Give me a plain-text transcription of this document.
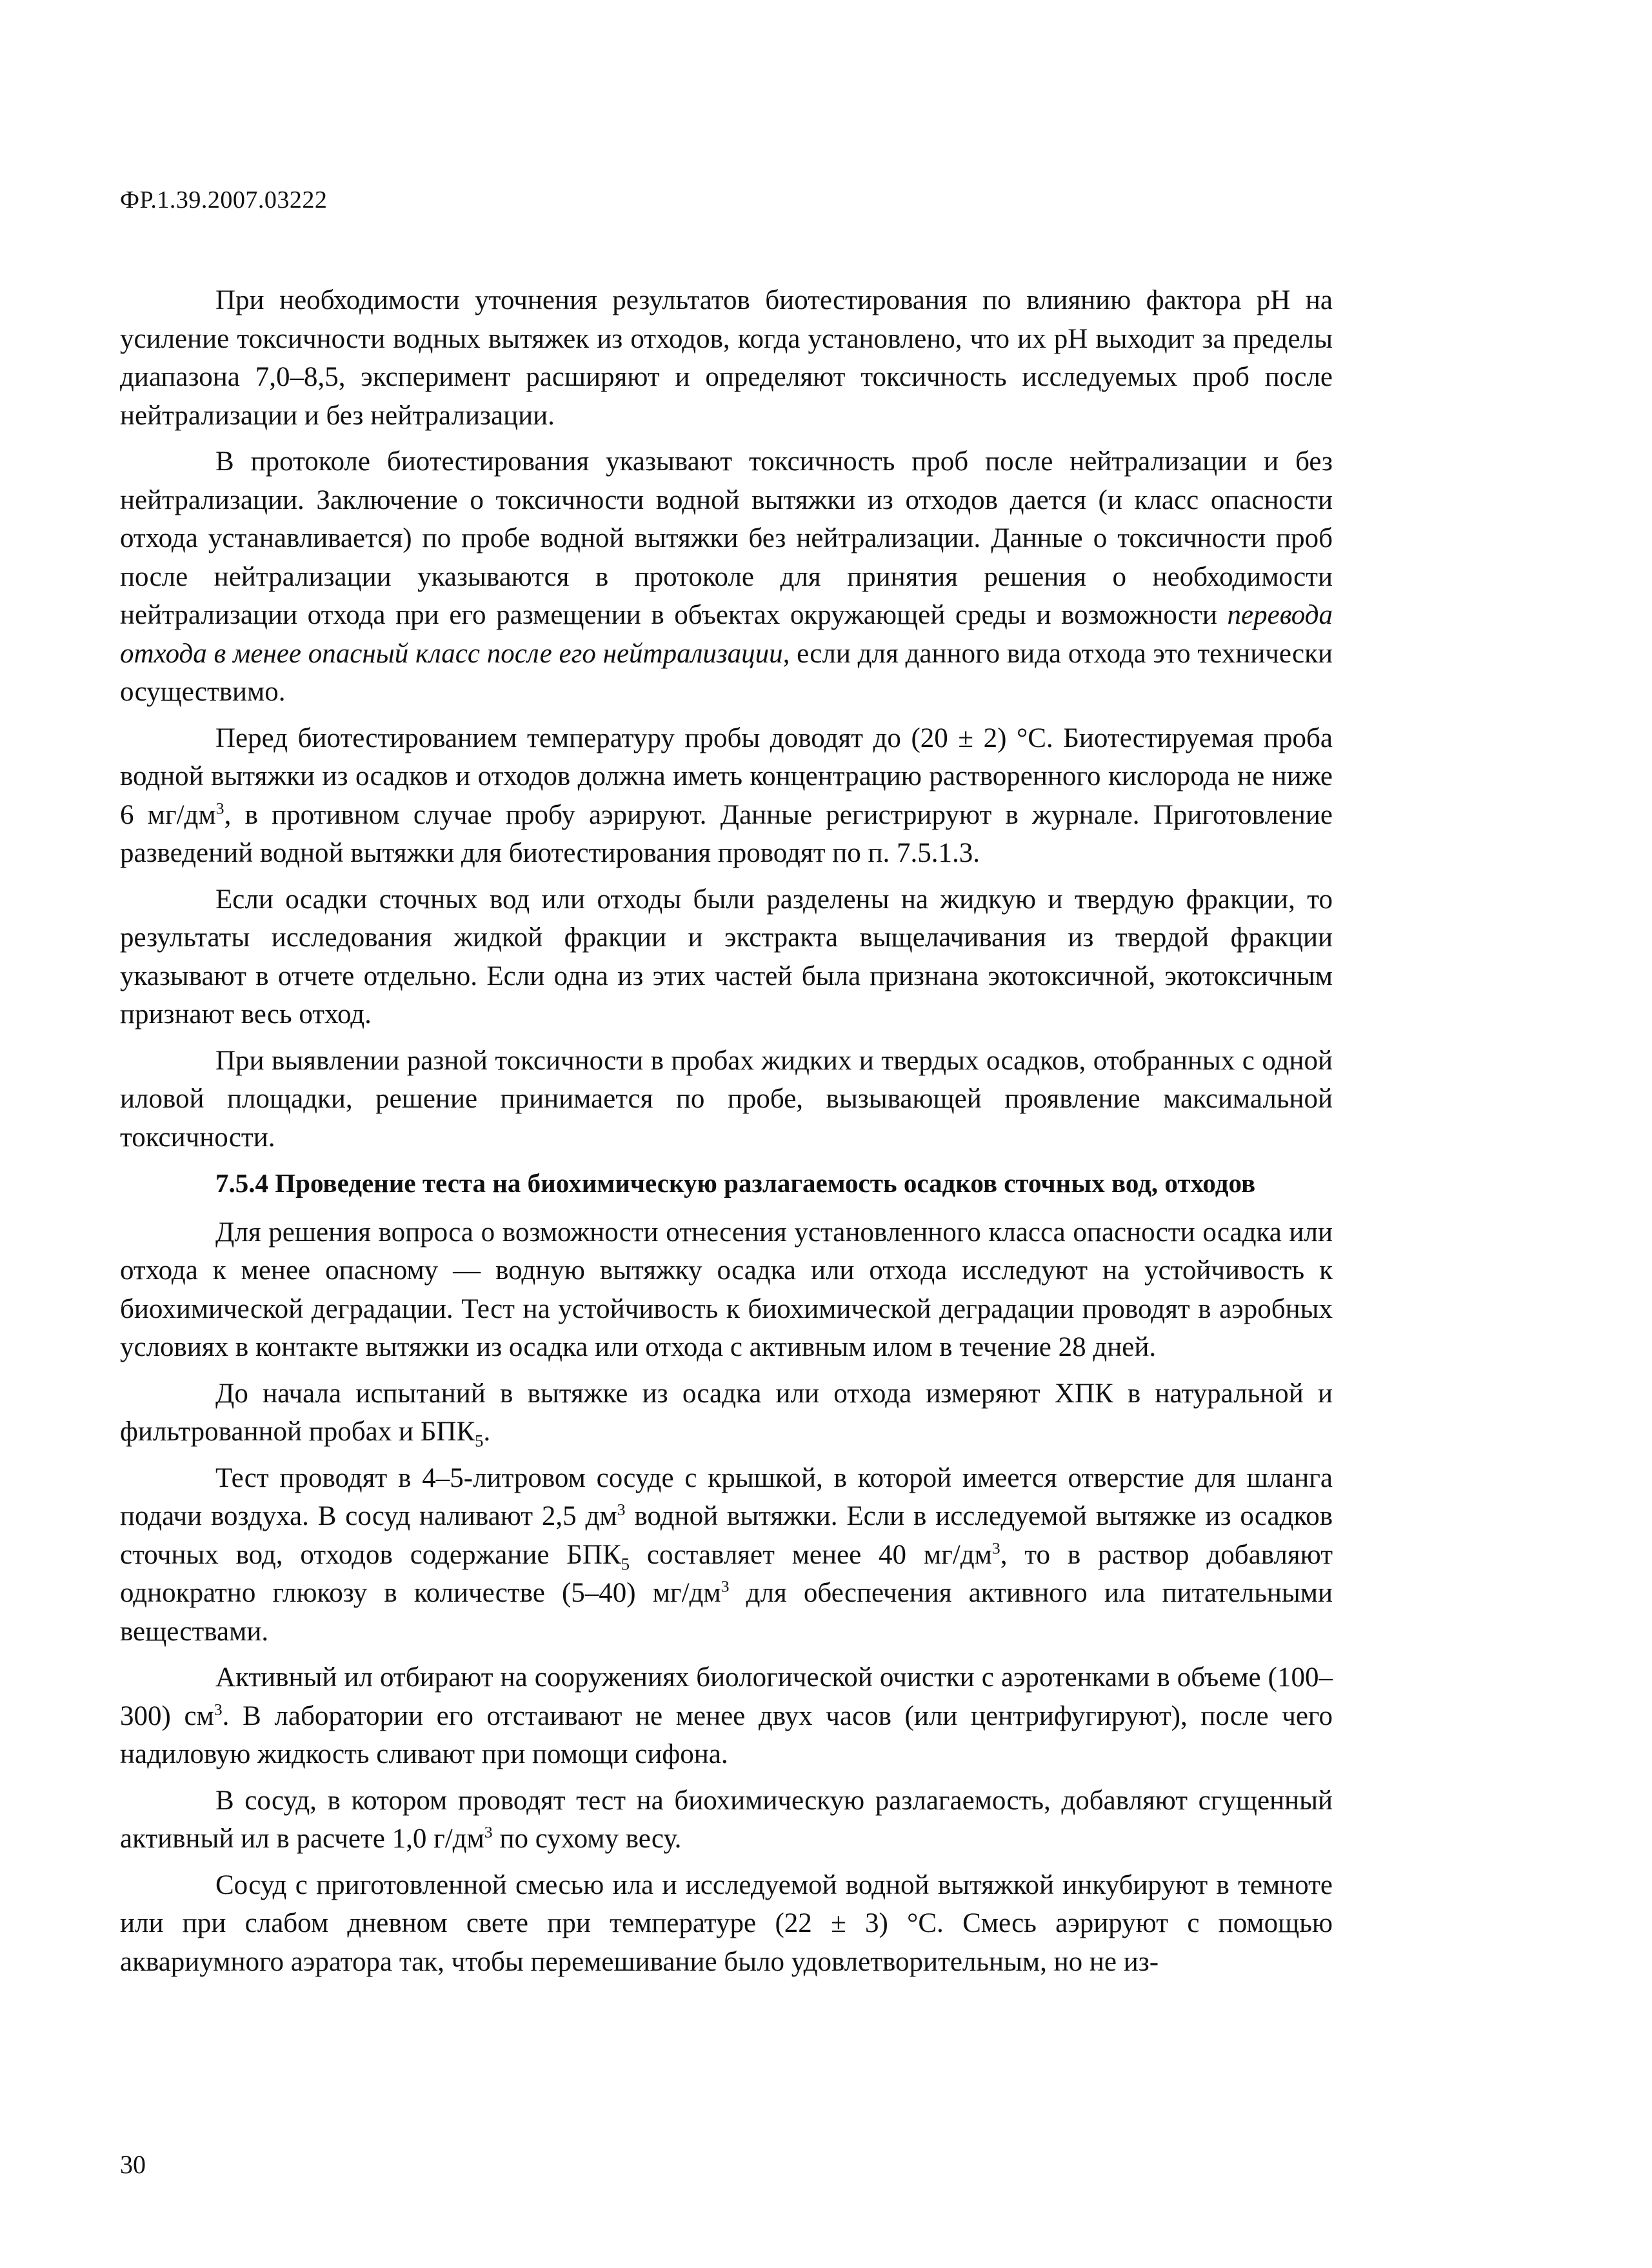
ФР.1.39.2007.03222

При необходимости уточнения результатов биотестирования по влиянию фактора pH на усиление токсичности водных вытяжек из отходов, когда установлено, что их pH выходит за пределы диапазона 7,0–8,5, эксперимент расширяют и определяют токсичность исследуемых проб после нейтрализации и без нейтрализации.

В протоколе биотестирования указывают токсичность проб после нейтрализации и без нейтрализации. Заключение о токсичности водной вытяжки из отходов дается (и класс опасности отхода устанавливается) по пробе водной вытяжки без нейтрализации. Данные о токсичности проб после нейтрализации указываются в протоколе для принятия решения о необходимости нейтрализации отхода при его размещении в объектах окружающей среды и возможности перевода отхода в менее опасный класс после его нейтрализации, если для данного вида отхода это технически осуществимо.

Перед биотестированием температуру пробы доводят до (20 ± 2) °С. Биотестируемая проба водной вытяжки из осадков и отходов должна иметь концентрацию растворенного кислорода не ниже 6 $мг/дм^3$, в противном случае пробу аэрируют. Данные регистрируют в журнале. Приготовление разведений водной вытяжки для биотестирования проводят по п. 7.5.1.3.

Если осадки сточных вод или отходы были разделены на жидкую и твердую фракции, то результаты исследования жидкой фракции и экстракта выщелачивания из твердой фракции указывают в отчете отдельно. Если одна из этих частей была признана экотоксичной, экотоксичным признают весь отход.

При выявлении разной токсичности в пробах жидких и твердых осадков, отобранных с одной иловой площадки, решение принимается по пробе, вызывающей проявление максимальной токсичности.

7.5.4 Проведение теста на биохимическую разлагаемость осадков сточных вод, отходов

Для решения вопроса о возможности отнесения установленного класса опасности осадка или отхода к менее опасному — водную вытяжку осадка или отхода исследуют на устойчивость к биохимической деградации. Тест на устойчивость к биохимической деградации проводят в аэробных условиях в контакте вытяжки из осадка или отхода с активным илом в течение 28 дней.

До начала испытаний в вытяжке из осадка или отхода измеряют ХПК в натуральной и фильтрованной пробах и $БПК_5$.

Тест проводят в 4–5-литровом сосуде с крышкой, в которой имеется отверстие для шланга подачи воздуха. В сосуд наливают 2,5 $дм^3$ водной вытяжки. Если в исследуемой вытяжке из осадков сточных вод, отходов содержание $БПК_5$ составляет менее 40 $мг/дм^3$, то в раствор добавляют однократно глюкозу в количестве (5–40) $мг/дм^3$ для обеспечения активного ила питательными веществами.

Активный ил отбирают на сооружениях биологической очистки с аэротенками в объеме (100–300) $см^3$. В лаборатории его отстаивают не менее двух часов (или центрифугируют), после чего надиловую жидкость сливают при помощи сифона.

В сосуд, в котором проводят тест на биохимическую разлагаемость, добавляют сгущенный активный ил в расчете 1,0 $г/дм^3$ по сухому весу.

Сосуд с приготовленной смесью ила и исследуемой водной вытяжкой инкубируют в темноте или при слабом дневном свете при температуре (22 ± 3) °С. Смесь аэрируют с помощью аквариумного аэратора так, чтобы перемешивание было удовлетворительным, но не из-

30
